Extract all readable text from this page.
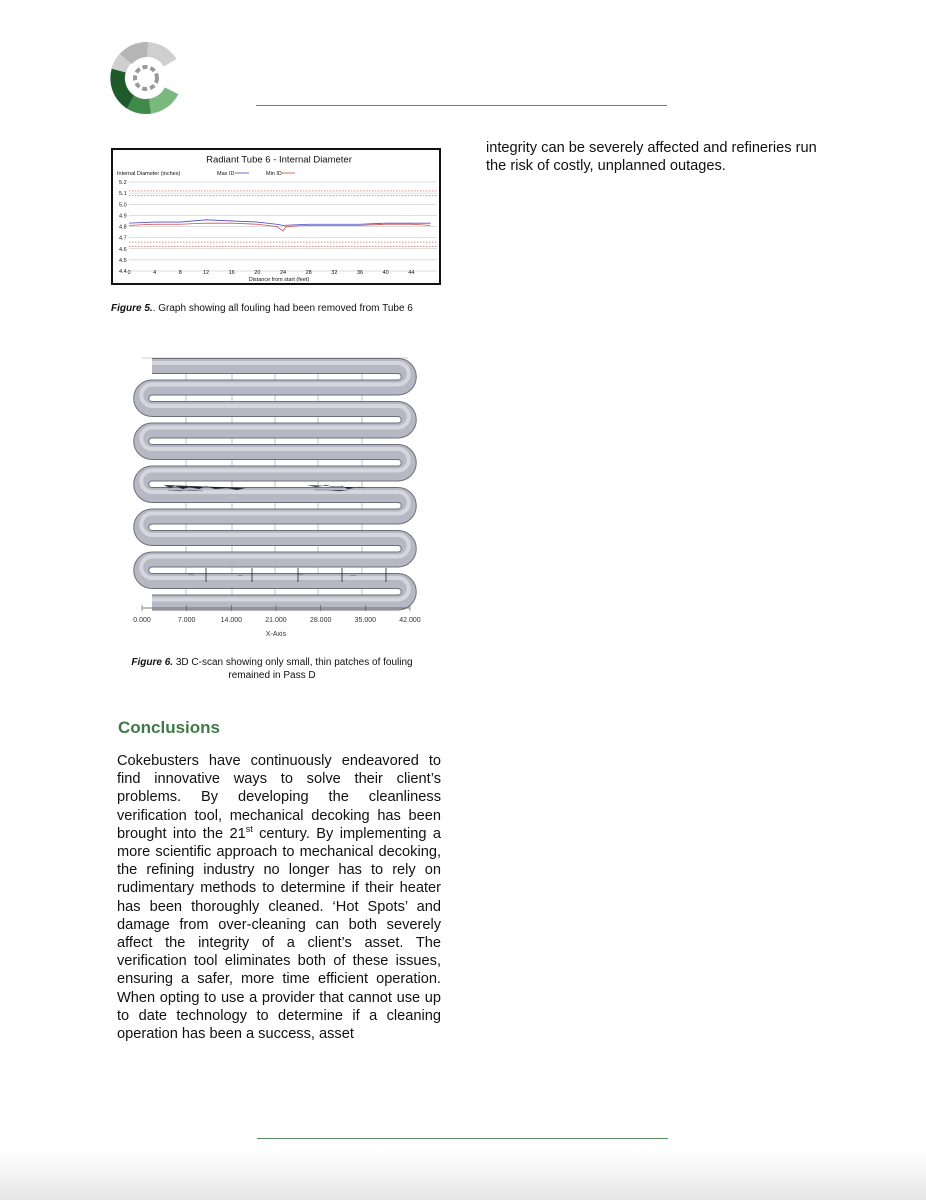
Radiant Tube 6 - Internal Diameter
Internal Diameter (inches)	Max ID	Min ID
4.4
4.5
4.6
4.7
4.8
4.9
5.0
5.1
5.2
0	4	8	12	16	20	24	28	32	36	40	44
Distance from start (feet)
Figure 5.. Graph showing all fouling had been removed from Tube 6
0.000	7.000	14.000	21.000	28.000	35.000	42.000
X-Axis
Figure 6. 3D C-scan showing only small, thin patches of fouling remained in Pass D
Conclusions
Cokebusters have continuously endeavored to find innovative ways to solve their client’s problems. By developing the cleanliness verification tool, mechanical decoking has been brought into the 21st century. By implementing a more scientific approach to mechanical decoking, the refining industry no longer has to rely on rudimentary methods to determine if their heater has been thoroughly cleaned. ‘Hot Spots’ and damage from over-cleaning can both severely affect the integrity of a client’s asset. The verification tool eliminates both of these issues, ensuring a safer, more time efficient operation. When opting to use a provider that cannot use up to date technology to determine if a cleaning operation has been a success, asset
integrity can be severely affected and refineries run the risk of costly, unplanned outages.
